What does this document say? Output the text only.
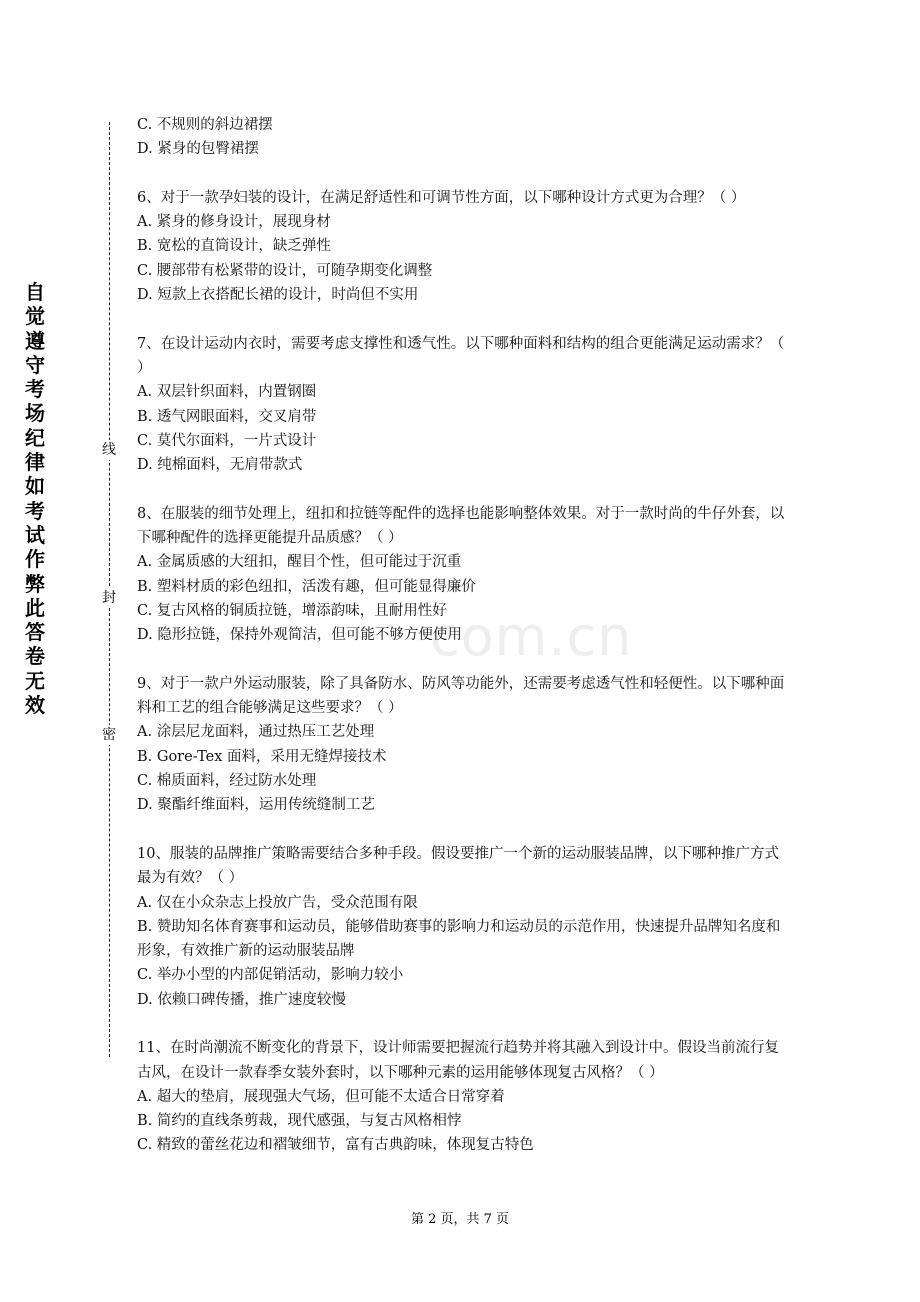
自觉遵守考场纪律如考试作弊此答卷无效
线
封
密
com.cn
C. 不规则的斜边裙摆
D. 紧身的包臀裙摆
6、对于一款孕妇装的设计，在满足舒适性和可调节性方面，以下哪种设计方式更为合理？（ ）
A. 紧身的修身设计，展现身材
B. 宽松的直筒设计，缺乏弹性
C. 腰部带有松紧带的设计，可随孕期变化调整
D. 短款上衣搭配长裙的设计，时尚但不实用
7、在设计运动内衣时，需要考虑支撑性和透气性。以下哪种面料和结构的组合更能满足运动需求？（ ）
A. 双层针织面料，内置钢圈
B. 透气网眼面料，交叉肩带
C. 莫代尔面料，一片式设计
D. 纯棉面料，无肩带款式
8、在服装的细节处理上，纽扣和拉链等配件的选择也能影响整体效果。对于一款时尚的牛仔外套，以下哪种配件的选择更能提升品质感？（ ）
A. 金属质感的大纽扣，醒目个性，但可能过于沉重
B. 塑料材质的彩色纽扣，活泼有趣，但可能显得廉价
C. 复古风格的铜质拉链，增添韵味，且耐用性好
D. 隐形拉链，保持外观简洁，但可能不够方便使用
9、对于一款户外运动服装，除了具备防水、防风等功能外，还需要考虑透气性和轻便性。以下哪种面料和工艺的组合能够满足这些要求？（ ）
A. 涂层尼龙面料，通过热压工艺处理
B. Gore-Tex 面料，采用无缝焊接技术
C. 棉质面料，经过防水处理
D. 聚酯纤维面料，运用传统缝制工艺
10、服装的品牌推广策略需要结合多种手段。假设要推广一个新的运动服装品牌，以下哪种推广方式最为有效？（ ）
A. 仅在小众杂志上投放广告，受众范围有限
B. 赞助知名体育赛事和运动员，能够借助赛事的影响力和运动员的示范作用，快速提升品牌知名度和形象，有效推广新的运动服装品牌
C. 举办小型的内部促销活动，影响力较小
D. 依赖口碑传播，推广速度较慢
11、在时尚潮流不断变化的背景下，设计师需要把握流行趋势并将其融入到设计中。假设当前流行复古风，在设计一款春季女装外套时，以下哪种元素的运用能够体现复古风格？（ ）
A. 超大的垫肩，展现强大气场，但可能不太适合日常穿着
B. 简约的直线条剪裁，现代感强，与复古风格相悖
C. 精致的蕾丝花边和褶皱细节，富有古典韵味，体现复古特色
第 2 页，共 7 页
